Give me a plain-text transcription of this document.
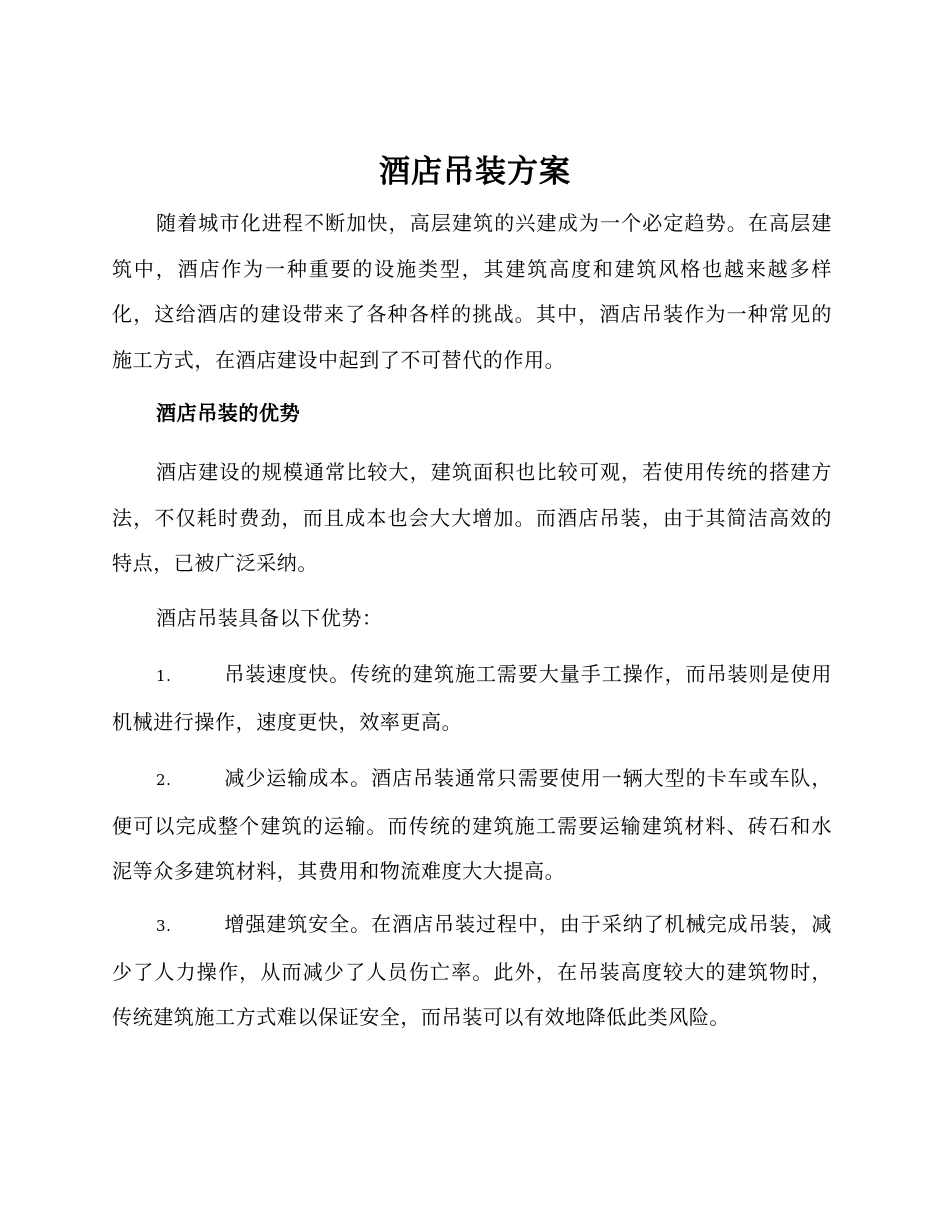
酒店吊装方案

随着城市化进程不断加快，高层建筑的兴建成为一个必定趋势。在高层建筑中，酒店作为一种重要的设施类型，其建筑高度和建筑风格也越来越多样化，这给酒店的建设带来了各种各样的挑战。其中，酒店吊装作为一种常见的施工方式，在酒店建设中起到了不可替代的作用。

酒店吊装的优势

酒店建设的规模通常比较大，建筑面积也比较可观，若使用传统的搭建方法，不仅耗时费劲，而且成本也会大大增加。而酒店吊装，由于其简洁高效的特点，已被广泛采纳。

酒店吊装具备以下优势：

1.	吊装速度快。传统的建筑施工需要大量手工操作，而吊装则是使用机械进行操作，速度更快，效率更高。

2.	减少运输成本。酒店吊装通常只需要使用一辆大型的卡车或车队，便可以完成整个建筑的运输。而传统的建筑施工需要运输建筑材料、砖石和水泥等众多建筑材料，其费用和物流难度大大提高。

3.	增强建筑安全。在酒店吊装过程中，由于采纳了机械完成吊装，减少了人力操作，从而减少了人员伤亡率。此外，在吊装高度较大的建筑物时，传统建筑施工方式难以保证安全，而吊装可以有效地降低此类风险。
